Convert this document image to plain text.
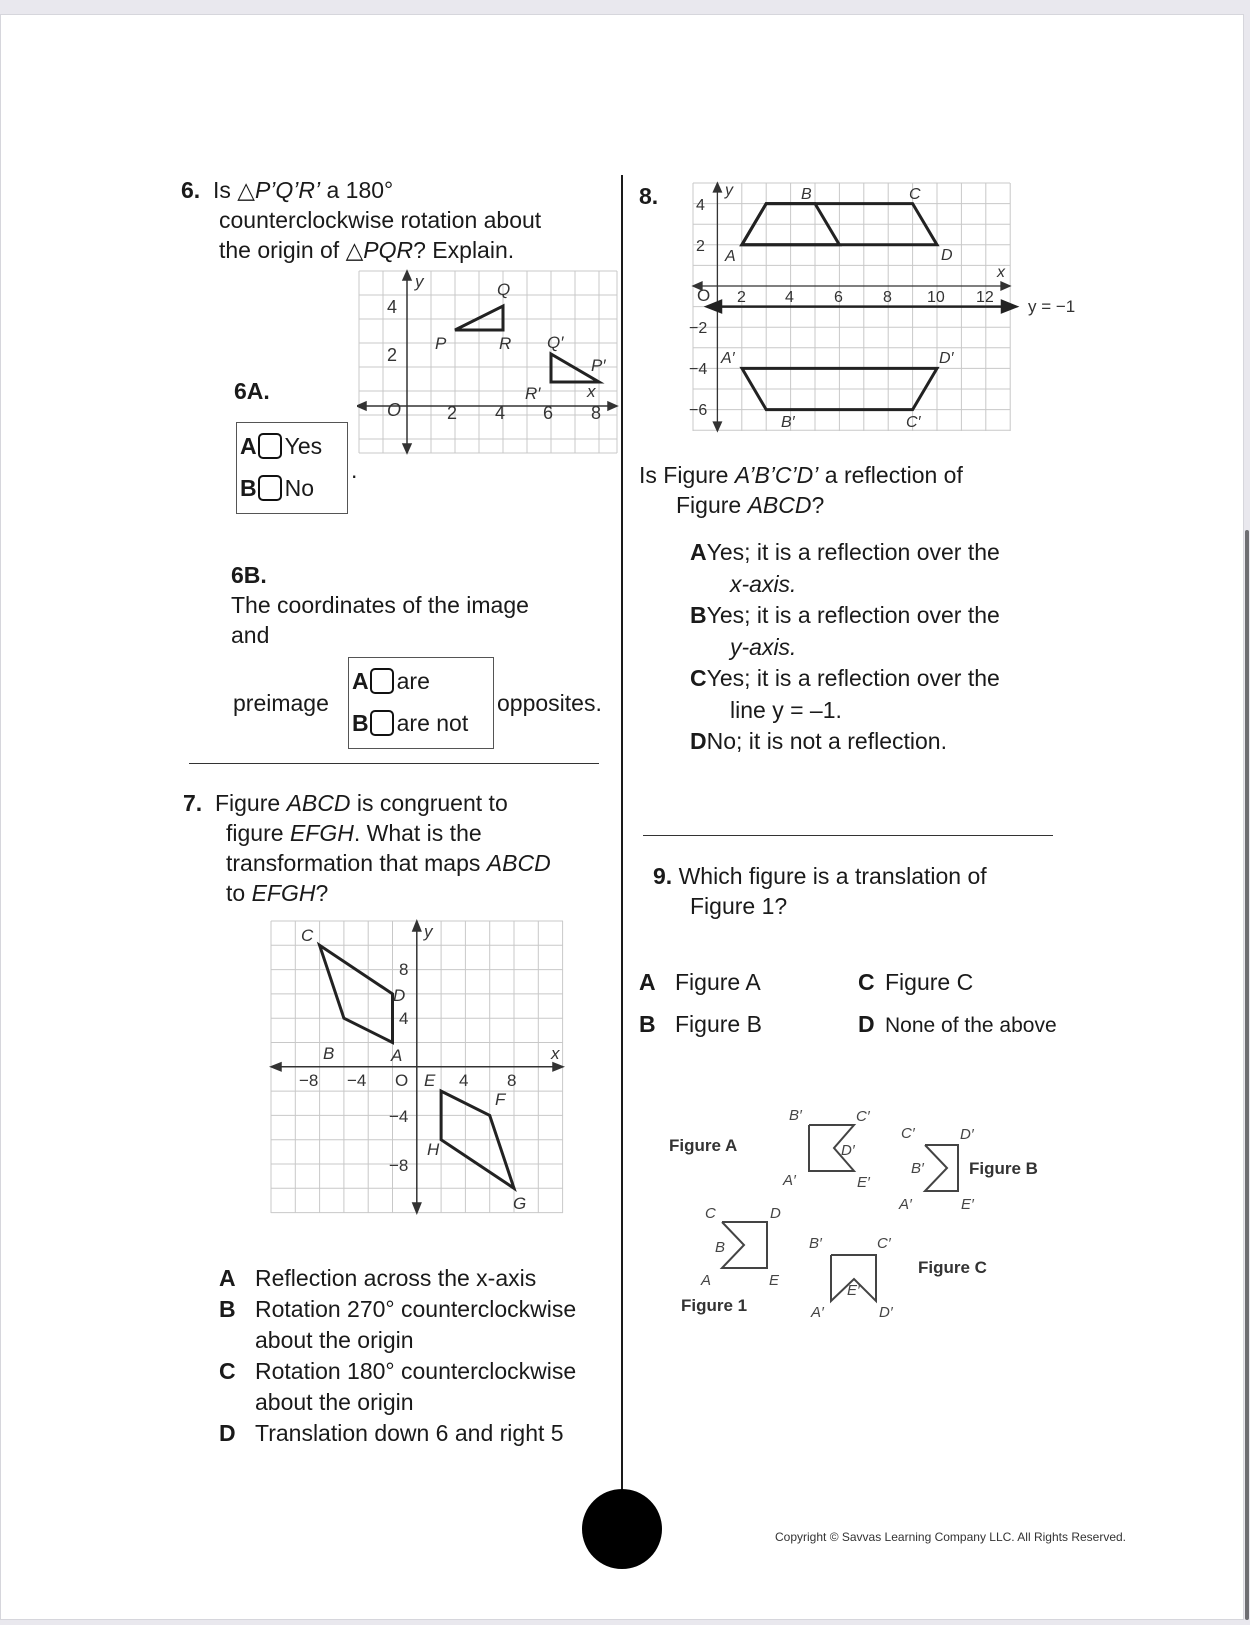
6. Is △P’Q’R’ a 180°
counterclockwise rotation about
the origin of △PQR? Explain.
y
x
O
Q
P	R Q′
P′
R′
2 4 6 8
4
2
6A.
A Yes
B No
.
6B.
The coordinates of the image
and
preimage
A are
B are not
opposites.
7. Figure ABCD is congruent to
figure EFGH. What is the
transformation that maps ABCD
to EFGH?
y
x
C
D
B	A
E
F
H
G
O
−8 −4	4 8
8
4
−4
−8
A Reflection across the x-axis
B Rotation 270° counterclockwise
about the origin
C Rotation 180° counterclockwise
about the origin
D Translation down 6 and right 5
8.	y
x
B	C
A	D
A′	D′
B′	C′
O 2 4	6	8 10 12
4
2
−2
−4
−6
y = −1
Is Figure A’B’C’D’ a reflection of
Figure ABCD?
AYes; it is a reflection over the
x-axis.
BYes; it is a reflection over the
y-axis.
CYes; it is a reflection over the
line y = –1.
DNo; it is not a reflection.
9. Which figure is a translation of
Figure 1?
A Figure A
B Figure B
C Figure C
D None of the above
B′	C′
D′
A′	E′
C′	D′
B′
A′	E′
C	D
B
A	E
B′	C′
A′
E′
D′
Figure A
Figure B
Figure C
Figure 1
Copyright © Savvas Learning Company LLC. All Rights Reserved.
